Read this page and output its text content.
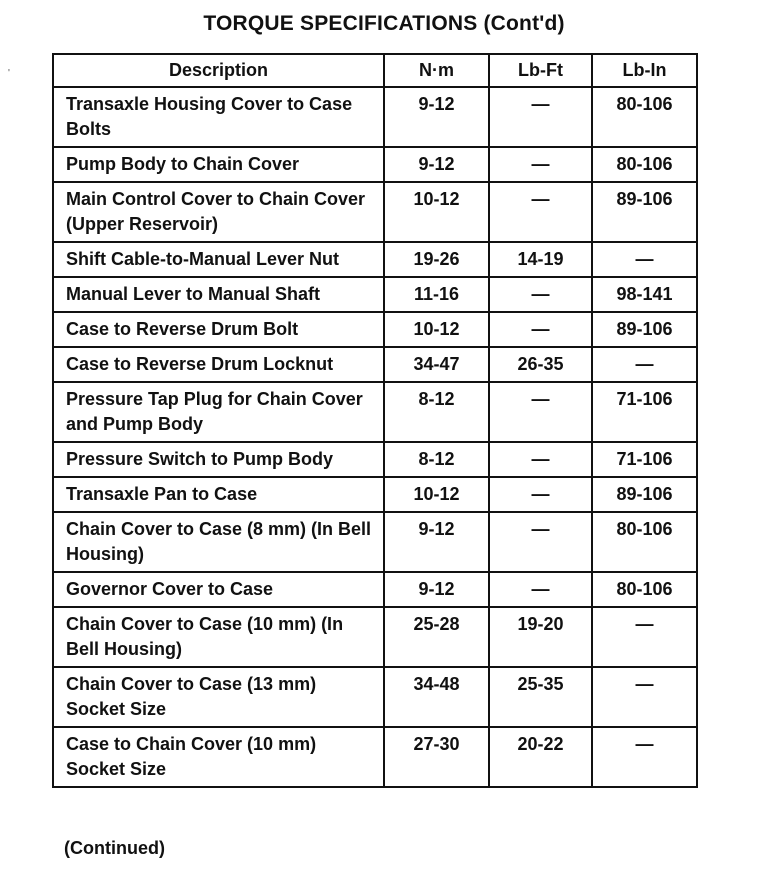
TORQUE SPECIFICATIONS (Cont'd)
'	Description	N·m	Lb-Ft	Lb-In
Transaxle Housing Cover to Case Bolts	9-12	—	80-106
Pump Body to Chain Cover	9-12	—	80-106
Main Control Cover to Chain Cover (Upper Reservoir)	10-12	—	89-106
Shift Cable-to-Manual Lever Nut	19-26	14-19	—
Manual Lever to Manual Shaft	11-16	—	98-141
Case to Reverse Drum Bolt	10-12	—	89-106
Case to Reverse Drum Locknut	34-47	26-35	—
Pressure Tap Plug for Chain Cover and Pump Body	8-12	—	71-106
Pressure Switch to Pump Body	8-12	—	71-106
Transaxle Pan to Case	10-12	—	89-106
Chain Cover to Case (8 mm) (In Bell Housing)	9-12	—	80-106
Governor Cover to Case	9-12	—	80-106
Chain Cover to Case (10 mm) (In Bell Housing)	25-28	19-20	—
Chain Cover to Case (13 mm) Socket Size	34-48	25-35	—
Case to Chain Cover (10 mm) Socket Size	27-30	20-22	—
(Continued)
